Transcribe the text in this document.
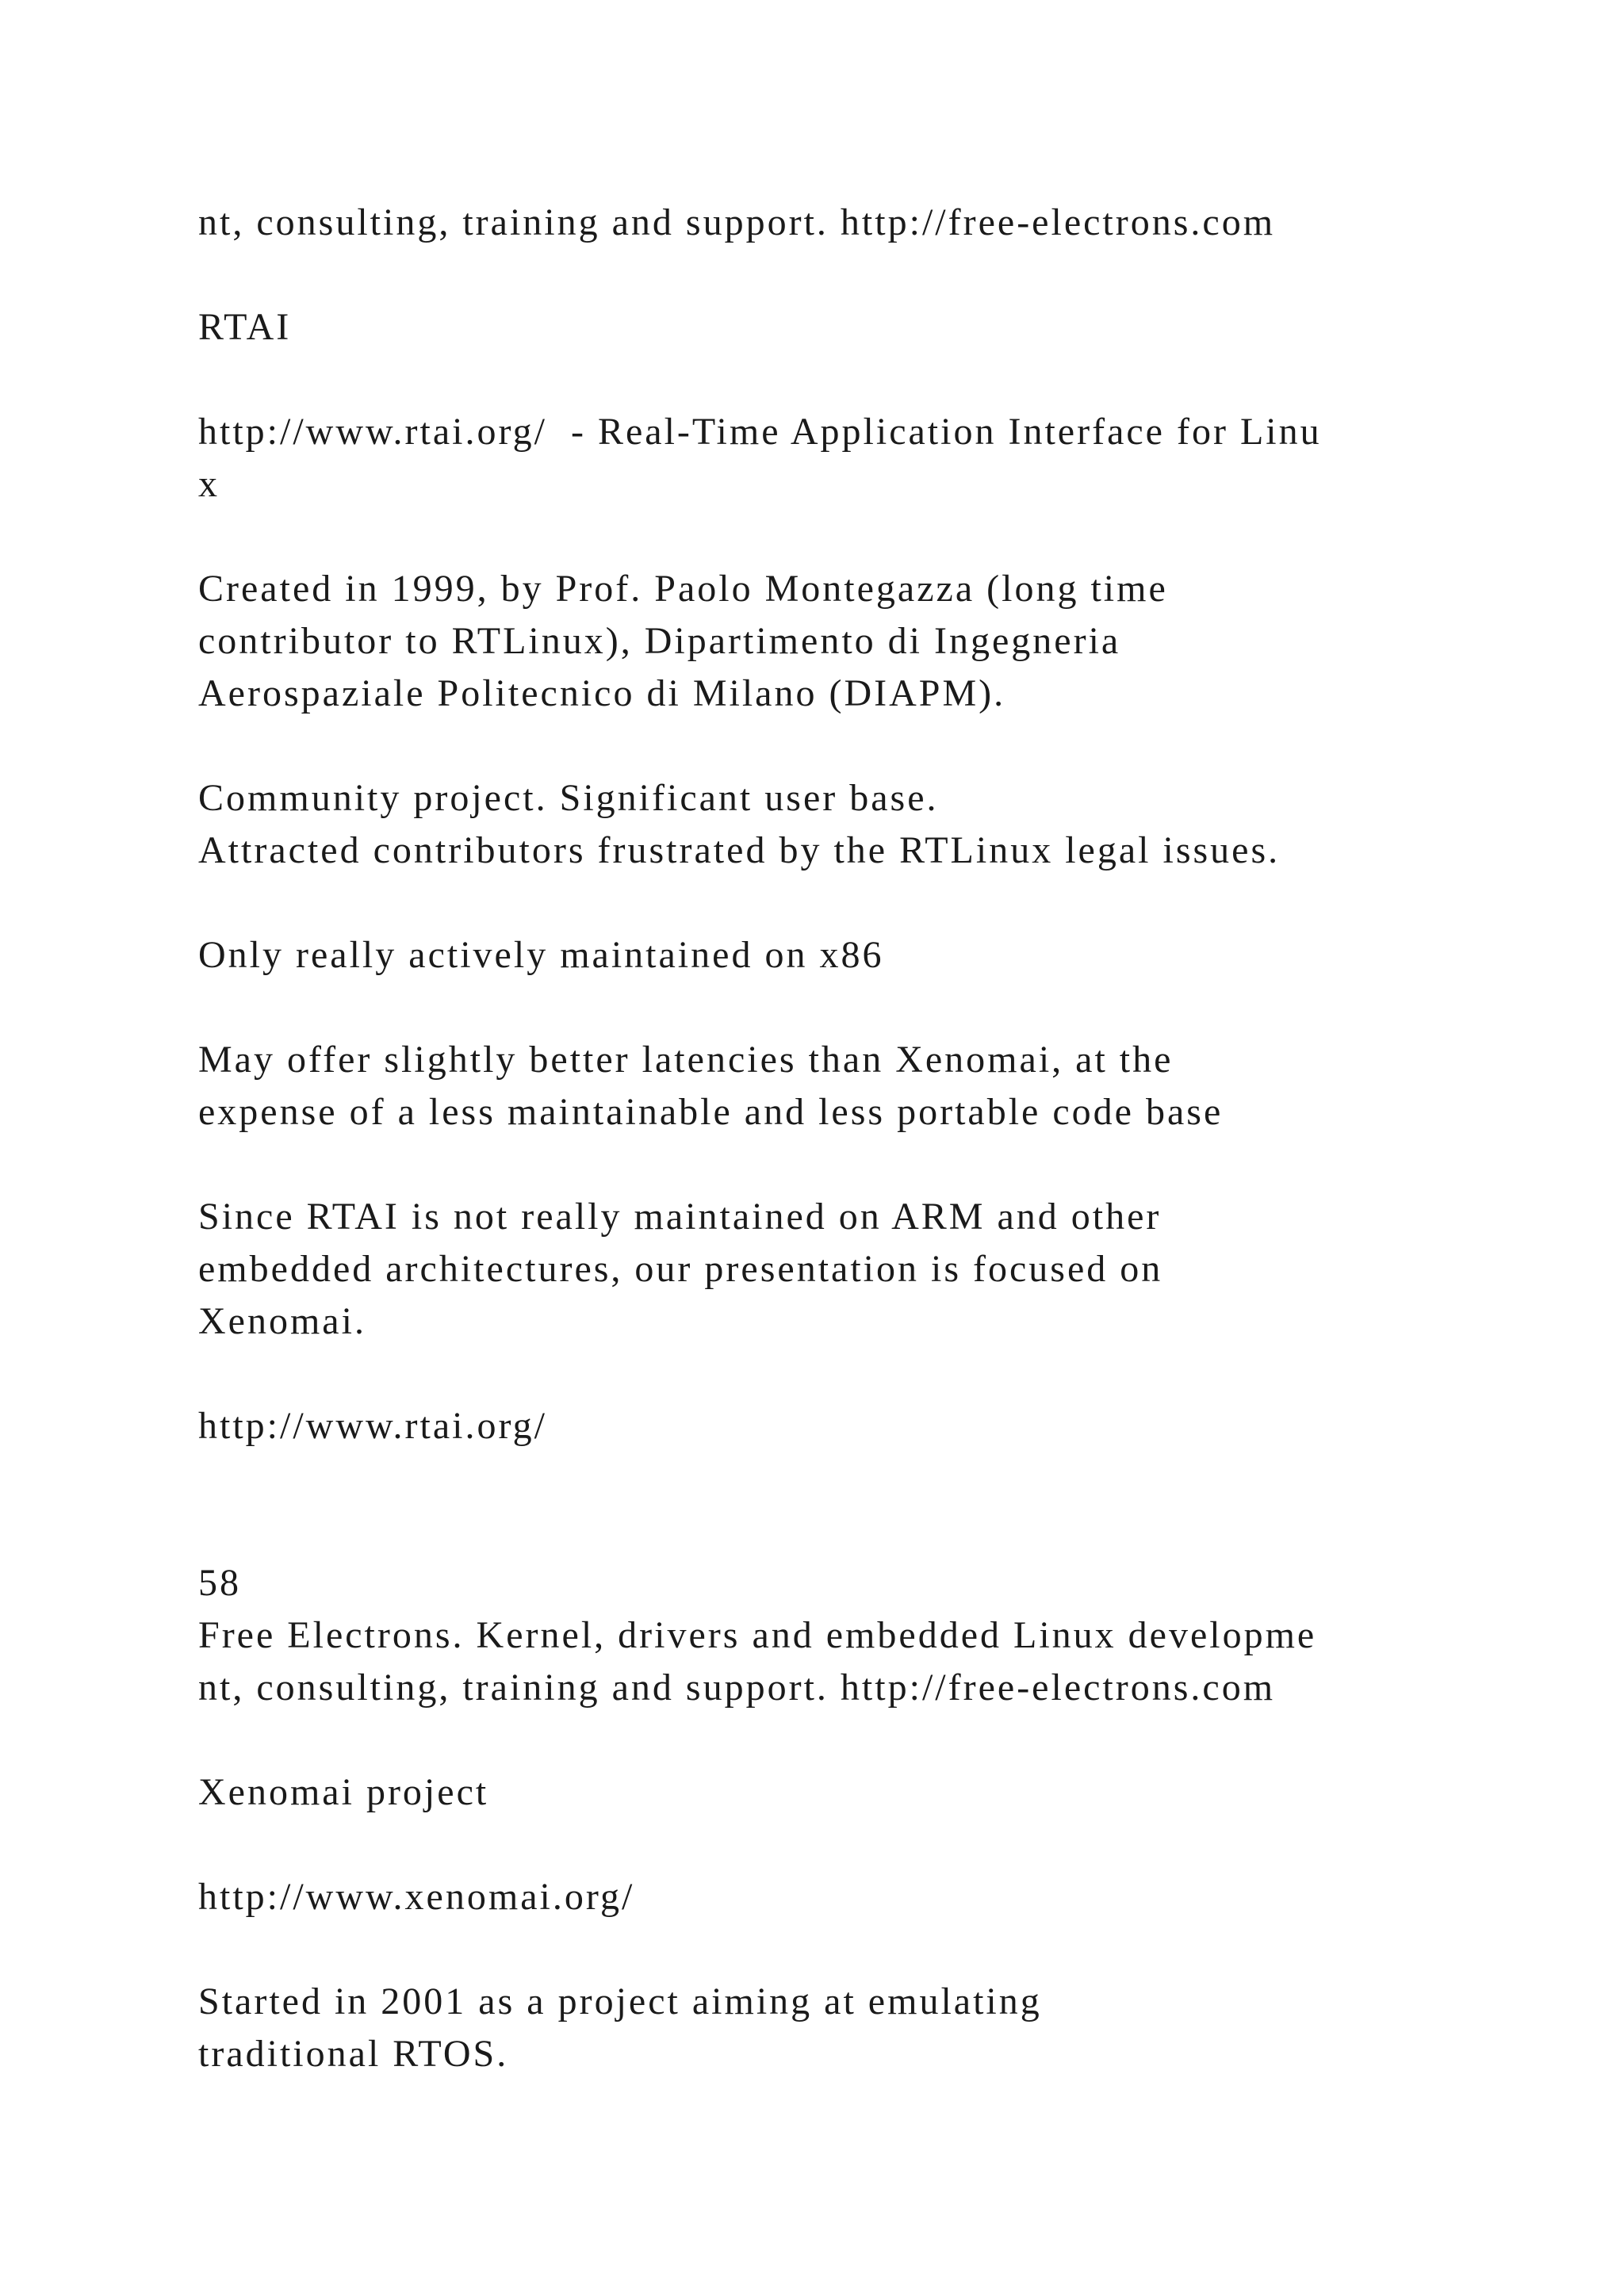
nt, consulting, training and support. http://free-electrons.com

RTAI

http://www.rtai.org/  - Real-Time Application Interface for Linu
x

Created in 1999, by Prof. Paolo Montegazza (long time
contributor to RTLinux), Dipartimento di Ingegneria
Aerospaziale Politecnico di Milano (DIAPM).

Community project. Significant user base.
Attracted contributors frustrated by the RTLinux legal issues.

Only really actively maintained on x86

May offer slightly better latencies than Xenomai, at the
expense of a less maintainable and less portable code base

Since RTAI is not really maintained on ARM and other
embedded architectures, our presentation is focused on
Xenomai.

http://www.rtai.org/

58

Free Electrons. Kernel, drivers and embedded Linux developme
nt, consulting, training and support. http://free-electrons.com

Xenomai project

http://www.xenomai.org/

Started in 2001 as a project aiming at emulating
traditional RTOS.
